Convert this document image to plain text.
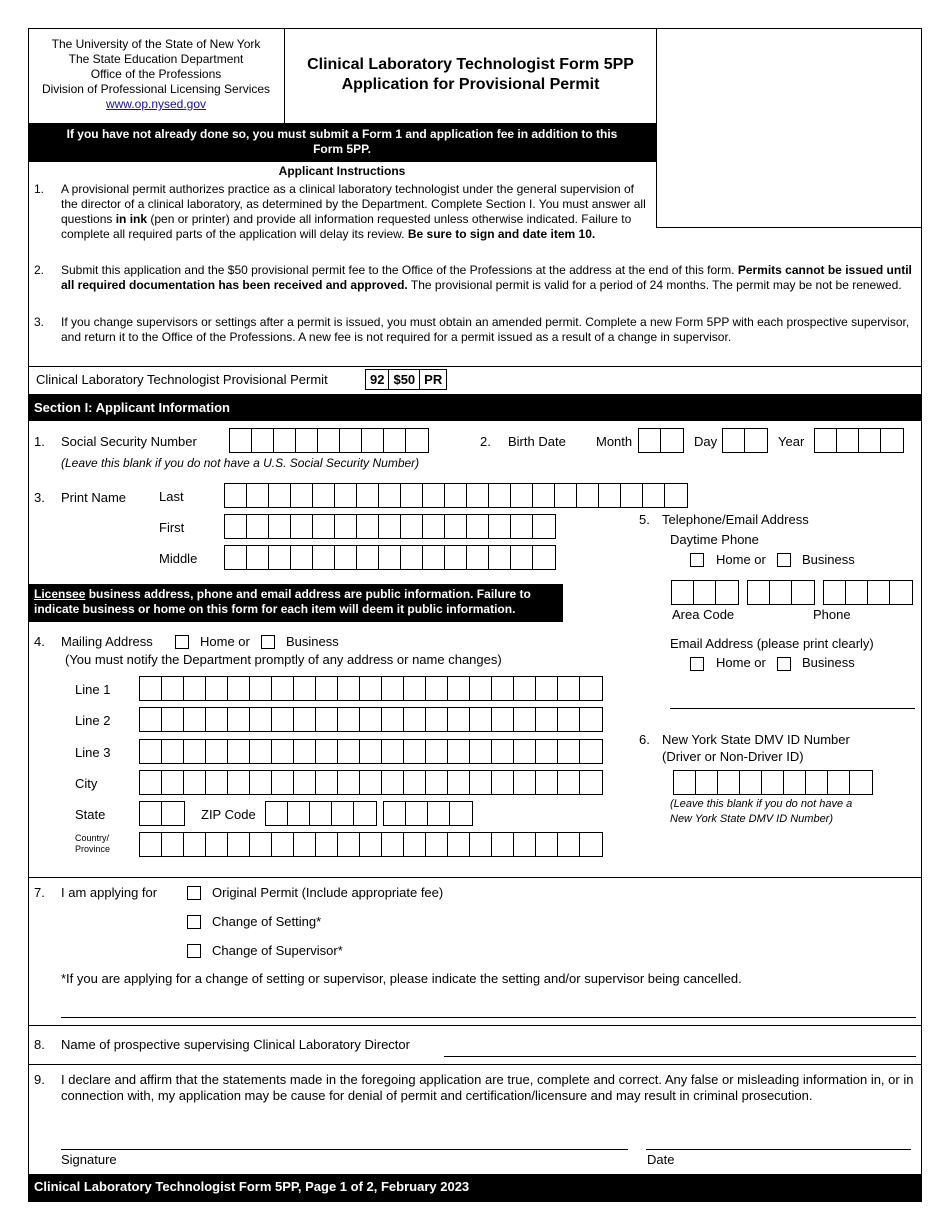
The University of the State of New York
The State Education Department
Office of the Professions
Division of Professional Licensing Services
www.op.nysed.gov
Clinical Laboratory Technologist Form 5PP
Application for Provisional Permit
If you have not already done so, you must submit a Form 1 and application fee in addition to this Form 5PP.
Applicant Instructions
1. A provisional permit authorizes practice as a clinical laboratory technologist under the general supervision of the director of a clinical laboratory, as determined by the Department. Complete Section I. You must answer all questions in ink (pen or printer) and provide all information requested unless otherwise indicated. Failure to complete all required parts of the application will delay its review. Be sure to sign and date item 10.
2. Submit this application and the $50 provisional permit fee to the Office of the Professions at the address at the end of this form. Permits cannot be issued until all required documentation has been received and approved. The provisional permit is valid for a period of 24 months. The permit may be not be renewed.
3. If you change supervisors or settings after a permit is issued, you must obtain an amended permit. Complete a new Form 5PP with each prospective supervisor, and return it to the Office of the Professions. A new fee is not required for a permit issued as a result of a change in supervisor.
Clinical Laboratory Technologist Provisional Permit	92 $50 PR
Section I: Applicant Information
1. Social Security Number
(Leave this blank if you do not have a U.S. Social Security Number)
2. Birth Date Month	Day	Year
3. Print Name	Last
First
Middle
Licensee business address, phone and email address are public information. Failure to indicate business or home on this form for each item will deem it public information.
4. Mailing Address	Home or	Business
(You must notify the Department promptly of any address or name changes)
Line 1
Line 2
Line 3
City
State	ZIP Code
Country/
Province
5. Telephone/Email Address
Daytime Phone
Home or	Business
Area Code	Phone
Email Address (please print clearly)
Home or	Business
6. New York State DMV ID Number
(Driver or Non-Driver ID)
(Leave this blank if you do not have a
New York State DMV ID Number)
7. I am applying for	Original Permit (Include appropriate fee)
Change of Setting*
Change of Supervisor*
*If you are applying for a change of setting or supervisor, please indicate the setting and/or supervisor being cancelled.
8. Name of prospective supervising Clinical Laboratory Director
9. I declare and affirm that the statements made in the foregoing application are true, complete and correct. Any false or misleading information in, or in connection with, my application may be cause for denial of permit and certification/licensure and may result in criminal prosecution.
Signature	Date
Clinical Laboratory Technologist Form 5PP, Page 1 of 2, February 2023
